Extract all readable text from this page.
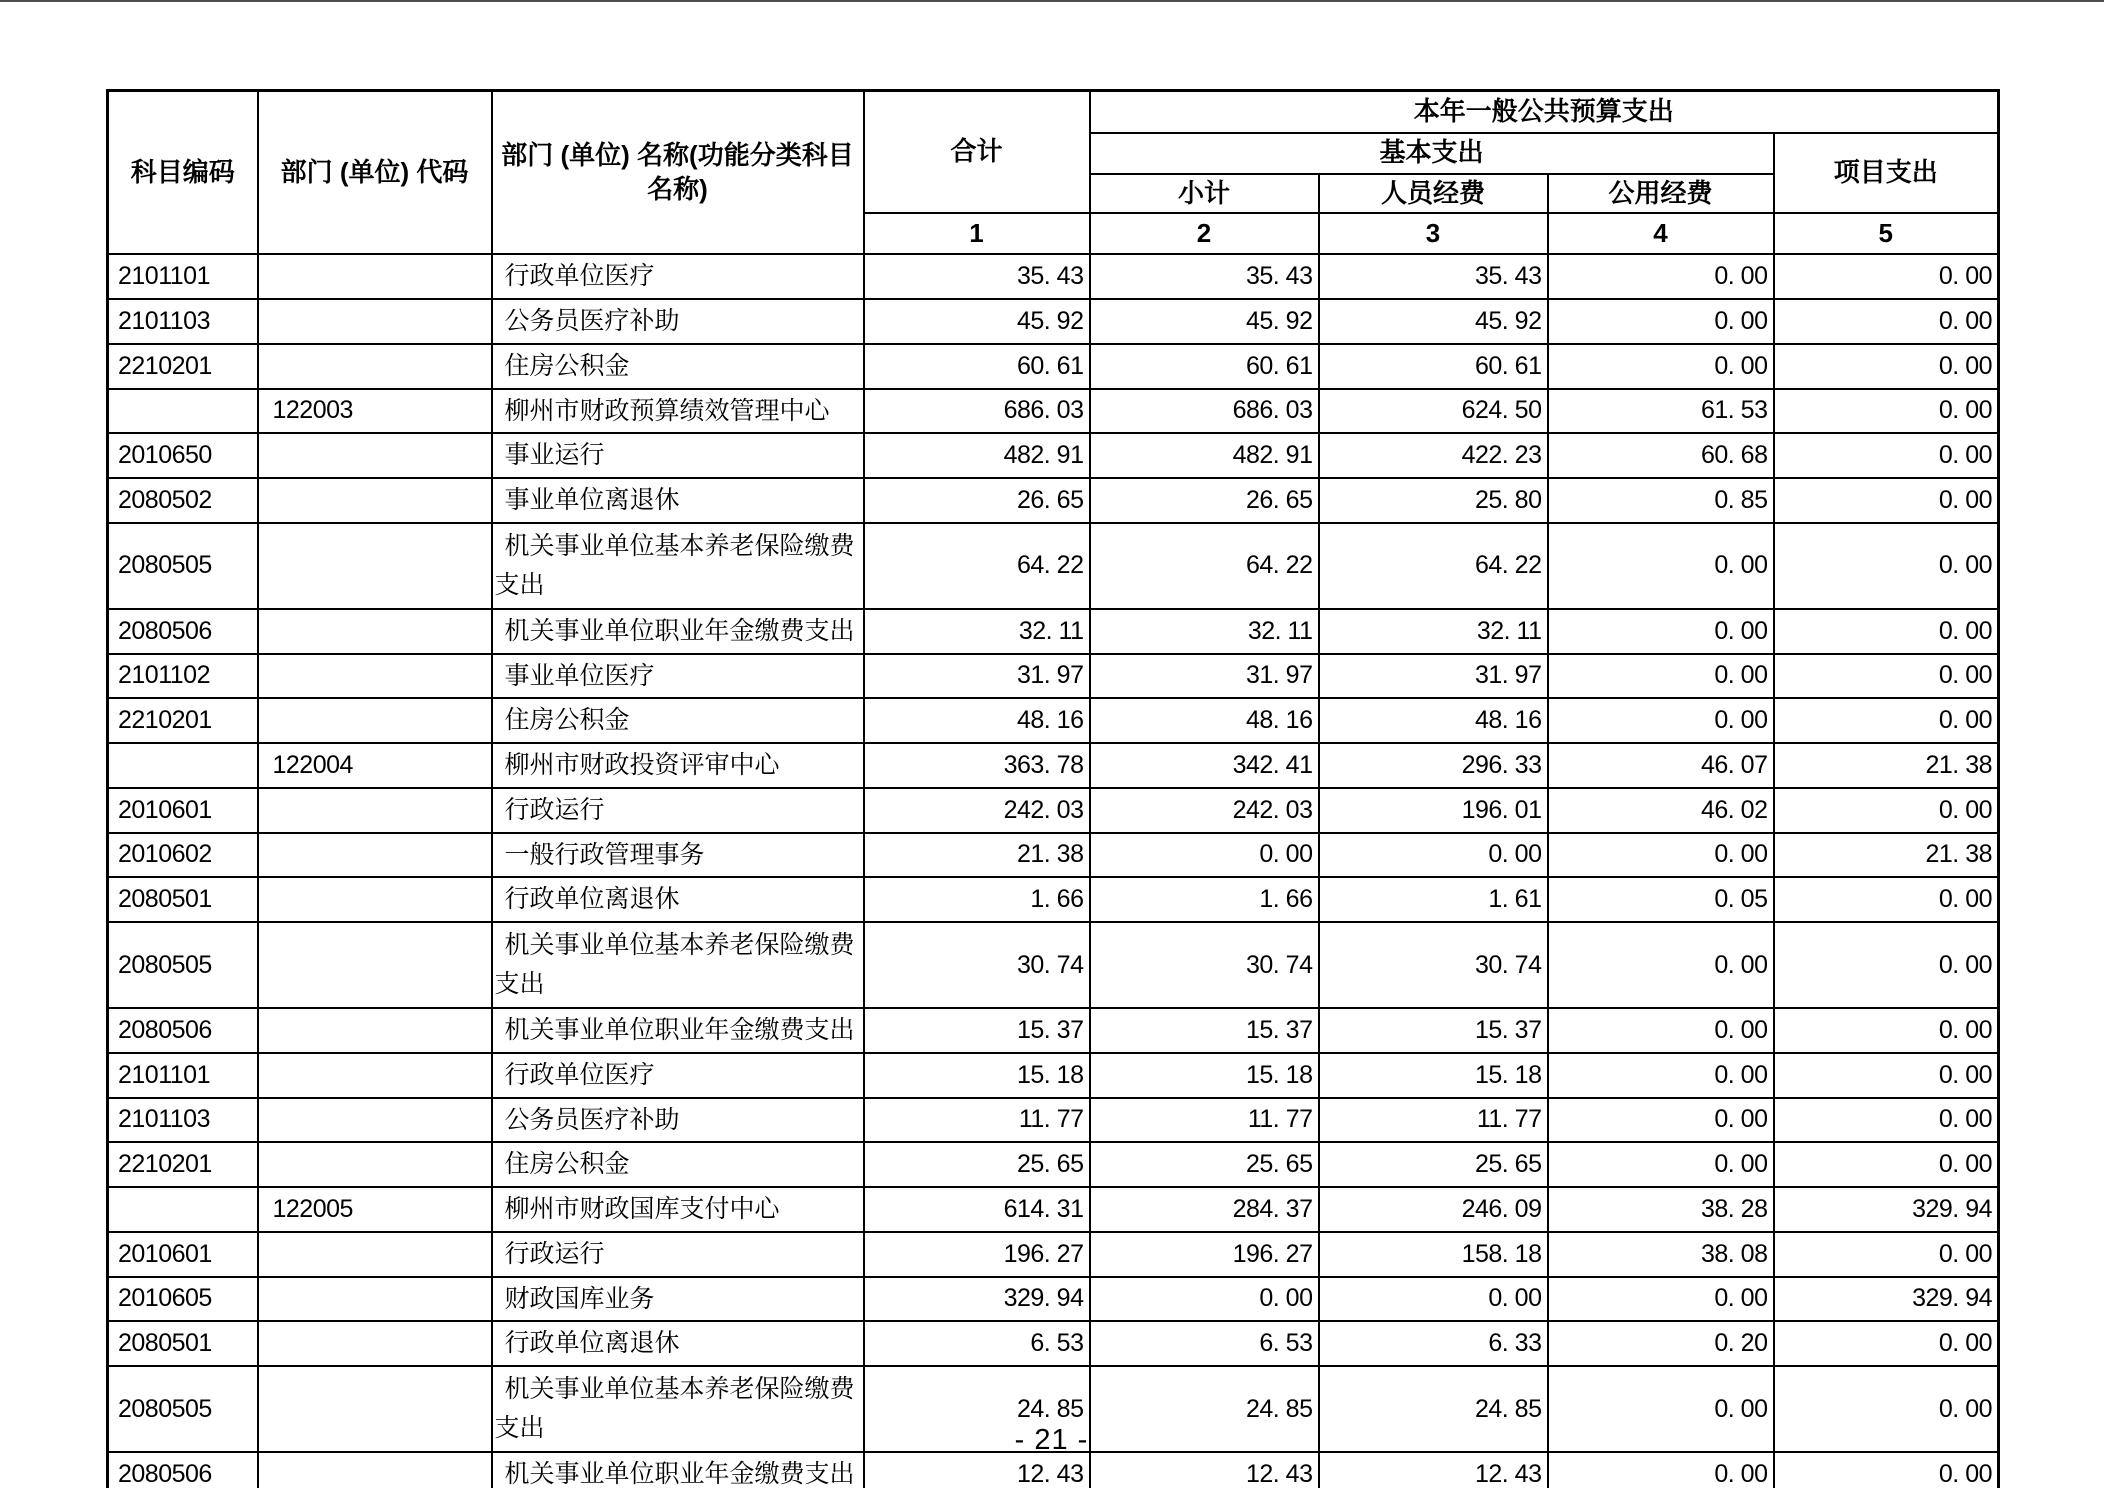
科目编码	部门 (单位) 代码	部门 (单位) 名称(功能分类科目名称)	合计	本年一般公共预算支出			
				基本支出			项目支出
				小计	人员经费	公用经费	
			1	2	3	4	5
2101101		行政单位医疗	35. 43	35. 43	35. 43	0. 00	0. 00
2101103		公务员医疗补助	45. 92	45. 92	45. 92	0. 00	0. 00
2210201		住房公积金	60. 61	60. 61	60. 61	0. 00	0. 00
	122003	柳州市财政预算绩效管理中心	686. 03	686. 03	624. 50	61. 53	0. 00
2010650		事业运行	482. 91	482. 91	422. 23	60. 68	0. 00
2080502		事业单位离退休	26. 65	26. 65	25. 80	0. 85	0. 00
2080505		机关事业单位基本养老保险缴费支出	64. 22	64. 22	64. 22	0. 00	0. 00
2080506		机关事业单位职业年金缴费支出	32. 11	32. 11	32. 11	0. 00	0. 00
2101102		事业单位医疗	31. 97	31. 97	31. 97	0. 00	0. 00
2210201		住房公积金	48. 16	48. 16	48. 16	0. 00	0. 00
	122004	柳州市财政投资评审中心	363. 78	342. 41	296. 33	46. 07	21. 38
2010601		行政运行	242. 03	242. 03	196. 01	46. 02	0. 00
2010602		一般行政管理事务	21. 38	0. 00	0. 00	0. 00	21. 38
2080501		行政单位离退休	1. 66	1. 66	1. 61	0. 05	0. 00
2080505		机关事业单位基本养老保险缴费支出	30. 74	30. 74	30. 74	0. 00	0. 00
2080506		机关事业单位职业年金缴费支出	15. 37	15. 37	15. 37	0. 00	0. 00
2101101		行政单位医疗	15. 18	15. 18	15. 18	0. 00	0. 00
2101103		公务员医疗补助	11. 77	11. 77	11. 77	0. 00	0. 00
2210201		住房公积金	25. 65	25. 65	25. 65	0. 00	0. 00
	122005	柳州市财政国库支付中心	614. 31	284. 37	246. 09	38. 28	329. 94
2010601		行政运行	196. 27	196. 27	158. 18	38. 08	0. 00
2010605		财政国库业务	329. 94	0. 00	0. 00	0. 00	329. 94
2080501		行政单位离退休	6. 53	6. 53	6. 33	0. 20	0. 00
2080505		机关事业单位基本养老保险缴费支出	24. 85	24. 85	24. 85	0. 00	0. 00
2080506		机关事业单位职业年金缴费支出	12. 43	12. 43	12. 43	0. 00	0. 00
- 21 -
